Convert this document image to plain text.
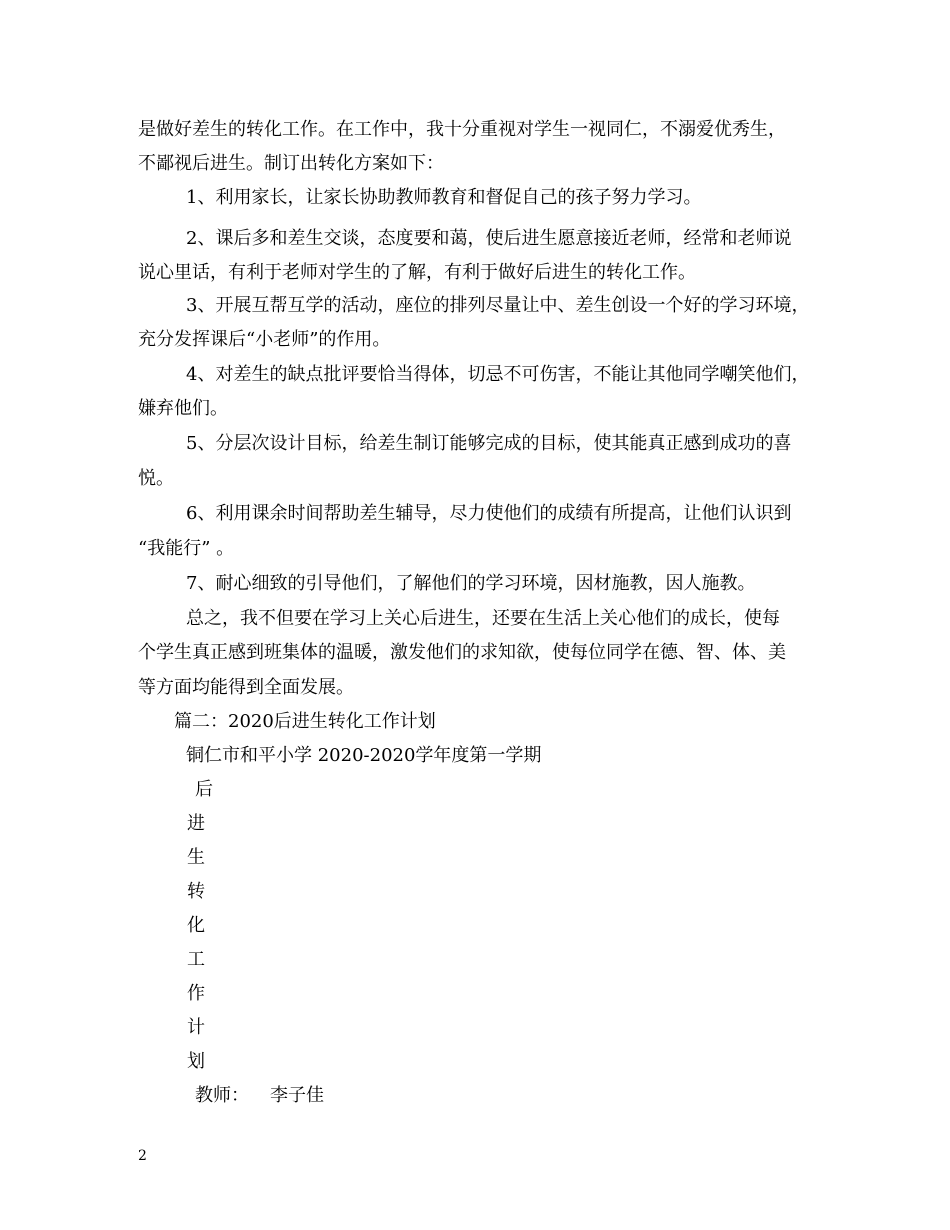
是做好差生的转化工作。在工作中，我十分重视对学生一视同仁，不溺爱优秀生，
不鄙视后进生。制订出转化方案如下：
1、利用家长，让家长协助教师教育和督促自己的孩子努力学习。
2、课后多和差生交谈，态度要和蔼，使后进生愿意接近老师，经常和老师说
说心里话，有利于老师对学生的了解，有利于做好后进生的转化工作。
3、开展互帮互学的活动，座位的排列尽量让中、差生创设一个好的学习环境，
充分发挥课后“小老师”的作用。
4、对差生的缺点批评要恰当得体，切忌不可伤害，不能让其他同学嘲笑他们，
嫌弃他们。
5、分层次设计目标，给差生制订能够完成的目标，使其能真正感到成功的喜
悦。
6、利用课余时间帮助差生辅导，尽力使他们的成绩有所提高，让他们认识到
“我能行” 。
7、耐心细致的引导他们，了解他们的学习环境，因材施教，因人施教。
总之，我不但要在学习上关心后进生，还要在生活上关心他们的成长，使每
个学生真正感到班集体的温暖，激发他们的求知欲，使每位同学在德、智、体、美
等方面均能得到全面发展。
篇二：2020后进生转化工作计划
铜仁市和平小学 2020-2020学年度第一学期
后
进
生
转
化
工
作
计
划
教师： 李子佳
2
